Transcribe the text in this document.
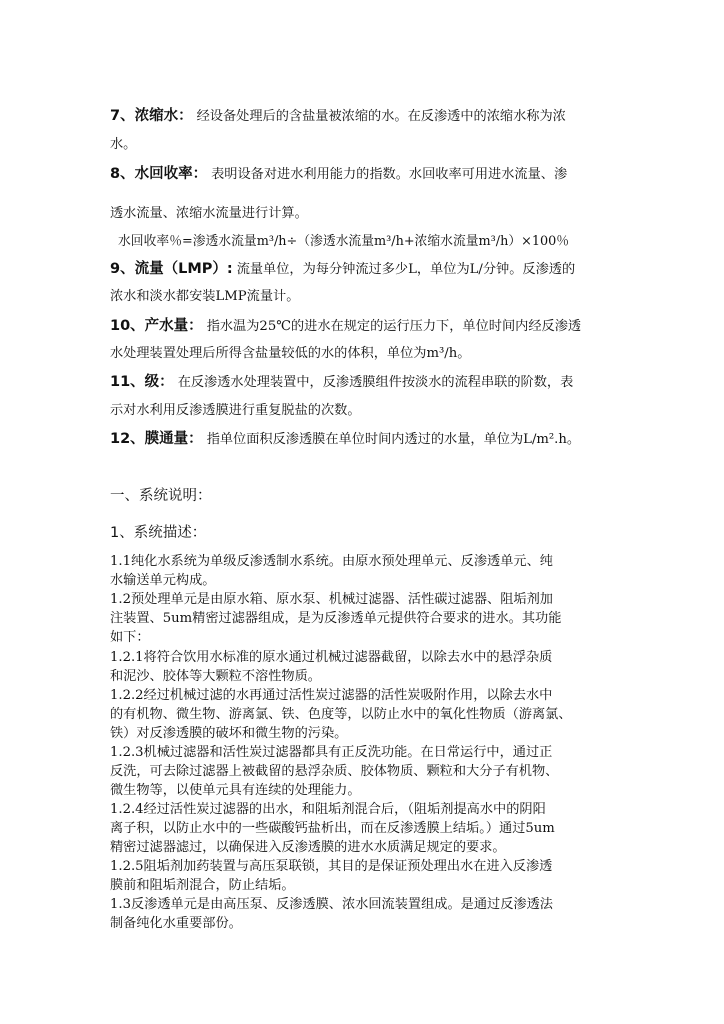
7、浓缩水： 经设备处理后的含盐量被浓缩的水。在反渗透中的浓缩水称为浓
水。
8、水回收率： 表明设备对进水利用能力的指数。水回收率可用进水流量、渗
透水流量、浓缩水流量进行计算。
水回收率％=渗透水流量m³/h÷（渗透水流量m³/h+浓缩水流量m³/h）×100％
9、流量（LMP）: 流量单位，为每分钟流过多少L，单位为L/分钟。反渗透的
浓水和淡水都安装LMP流量计。
10、产水量： 指水温为25℃的进水在规定的运行压力下，单位时间内经反渗透
水处理装置处理后所得含盐量较低的水的体积，单位为m³/h。
11、级： 在反渗透水处理装置中，反渗透膜组件按淡水的流程串联的阶数，表
示对水利用反渗透膜进行重复脱盐的次数。
12、膜通量： 指单位面积反渗透膜在单位时间内透过的水量，单位为L/m².h。
一、系统说明：
1、系统描述：
1.1纯化水系统为单级反渗透制水系统。由原水预处理单元、反渗透单元、纯
水输送单元构成。
1.2预处理单元是由原水箱、原水泵、机械过滤器、活性碳过滤器、阻垢剂加
注装置、5um精密过滤器组成，是为反渗透单元提供符合要求的进水。其功能
如下：
1.2.1将符合饮用水标准的原水通过机械过滤器截留，以除去水中的悬浮杂质
和泥沙、胶体等大颗粒不溶性物质。
1.2.2经过机械过滤的水再通过活性炭过滤器的活性炭吸附作用，以除去水中
的有机物、微生物、游离氯、铁、色度等，以防止水中的氧化性物质（游离氯、
铁）对反渗透膜的破坏和微生物的污染。
1.2.3机械过滤器和活性炭过滤器都具有正反洗功能。在日常运行中，通过正
反洗，可去除过滤器上被截留的悬浮杂质、胶体物质、颗粒和大分子有机物、
微生物等，以使单元具有连续的处理能力。
1.2.4经过活性炭过滤器的出水，和阻垢剂混合后，（阻垢剂提高水中的阴阳
离子积，以防止水中的一些碳酸钙盐析出，而在反渗透膜上结垢。）通过5um
精密过滤器滤过，以确保进入反渗透膜的进水水质满足规定的要求。
1.2.5阻垢剂加药装置与高压泵联锁，其目的是保证预处理出水在进入反渗透
膜前和阻垢剂混合，防止结垢。
1.3反渗透单元是由高压泵、反渗透膜、浓水回流装置组成。是通过反渗透法
制备纯化水重要部份。
